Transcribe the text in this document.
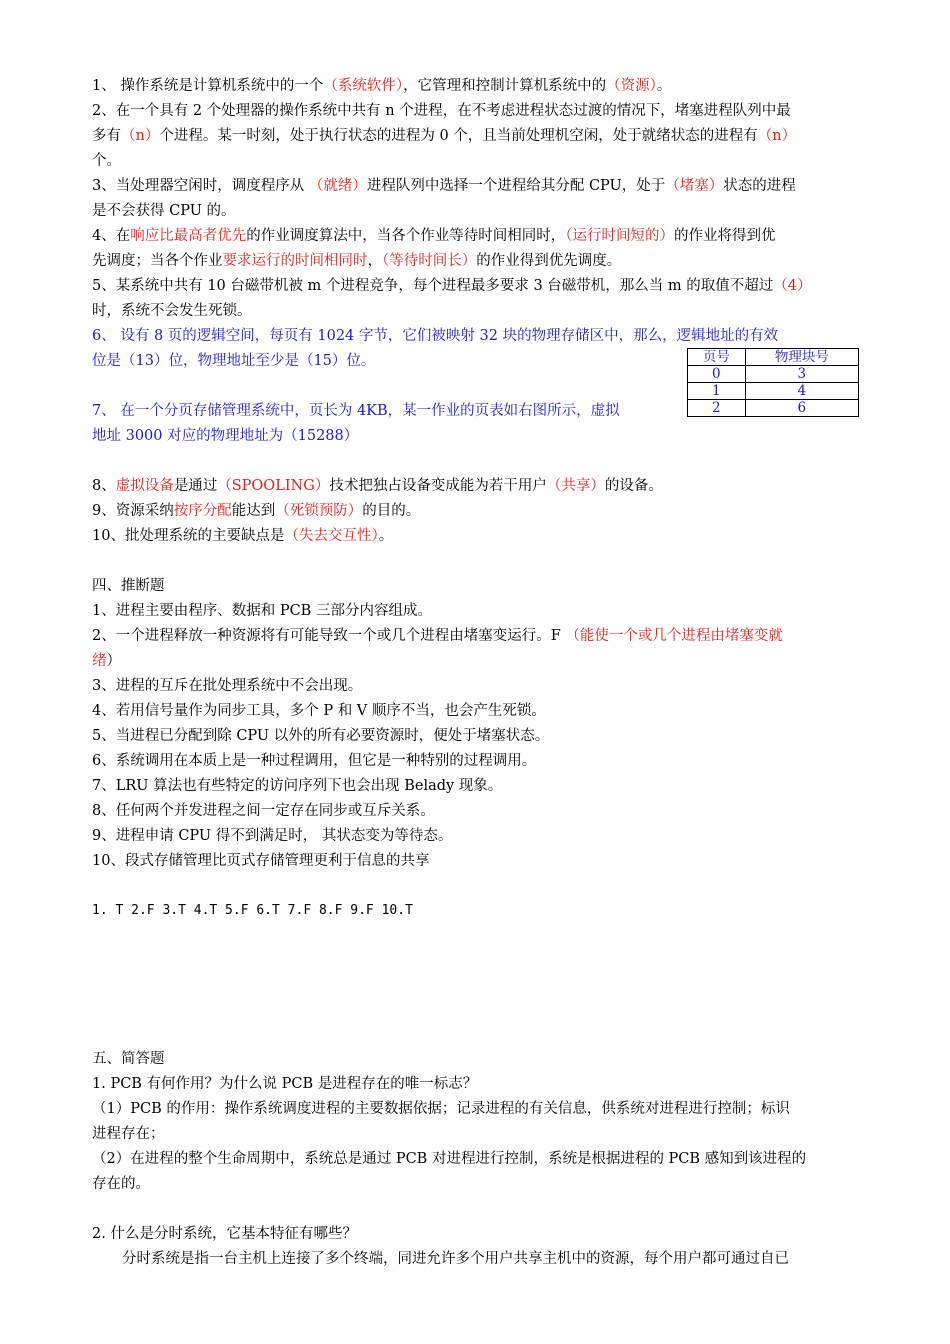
1、 操作系统是计算机系统中的一个（系统软件），它管理和控制计算机系统中的（资源）。
2、在一个具有 2 个处理器的操作系统中共有 n 个进程，在不考虑进程状态过渡的情况下，堵塞进程队列中最
多有（n）个进程。某一时刻，处于执行状态的进程为 0 个，且当前处理机空闲，处于就绪状态的进程有（n）
个。
3、当处理器空闲时，调度程序从 （就绪）进程队列中选择一个进程给其分配 CPU，处于（堵塞）状态的进程
是不会获得 CPU 的。
4、在响应比最高者优先的作业调度算法中，当各个作业等待时间相同时，（运行时间短的）的作业将得到优
先调度；当各个作业要求运行的时间相同时，（等待时间长）的作业得到优先调度。
5、某系统中共有 10 台磁带机被 m 个进程竞争，每个进程最多要求 3 台磁带机，那么当 m 的取值不超过（4）
时，系统不会发生死锁。
6、 设有 8 页的逻辑空间，每页有 1024 字节，它们被映射 32 块的物理存储区中，那么，逻辑地址的有效
位是（13）位，物理地址至少是（15）位。	页号	物理块号
0	3
1	4
2	6
7、 在一个分页存储管理系统中，页长为 4KB，某一作业的页表如右图所示，虚拟
地址 3000 对应的物理地址为（15288）
8、虚拟设备是通过（SPOOLING）技术把独占设备变成能为若干用户（共享）的设备。
9、资源采纳按序分配能达到（死锁预防）的目的。
10、批处理系统的主要缺点是（失去交互性）。
四、推断题
1、进程主要由程序、数据和 PCB 三部分内容组成。
2、一个进程释放一种资源将有可能导致一个或几个进程由堵塞变运行。F （能使一个或几个进程由堵塞变就
绪）
3、进程的互斥在批处理系统中不会出现。
4、若用信号量作为同步工具，多个 P 和 V 顺序不当，也会产生死锁。
5、当进程已分配到除 CPU 以外的所有必要资源时，便处于堵塞状态。
6、系统调用在本质上是一种过程调用，但它是一种特别的过程调用。
7、LRU 算法也有些特定的访问序列下也会出现 Belady 现象。
8、任何两个并发进程之间一定存在同步或互斥关系。
9、进程申请 CPU 得不到满足时， 其状态变为等待态。
10、段式存储管理比页式存储管理更利于信息的共享
1. T 2.F 3.T 4.T 5.F 6.T 7.F 8.F 9.F 10.T
五、简答题
1. PCB 有何作用？为什么说 PCB 是进程存在的唯一标志？
（1）PCB 的作用：操作系统调度进程的主要数据依据；记录进程的有关信息，供系统对进程进行控制；标识
进程存在；
（2）在进程的整个生命周期中，系统总是通过 PCB 对进程进行控制，系统是根据进程的 PCB 感知到该进程的
存在的。
2. 什么是分时系统，它基本特征有哪些？
分时系统是指一台主机上连接了多个终端，同进允许多个用户共享主机中的资源，每个用户都可通过自已
